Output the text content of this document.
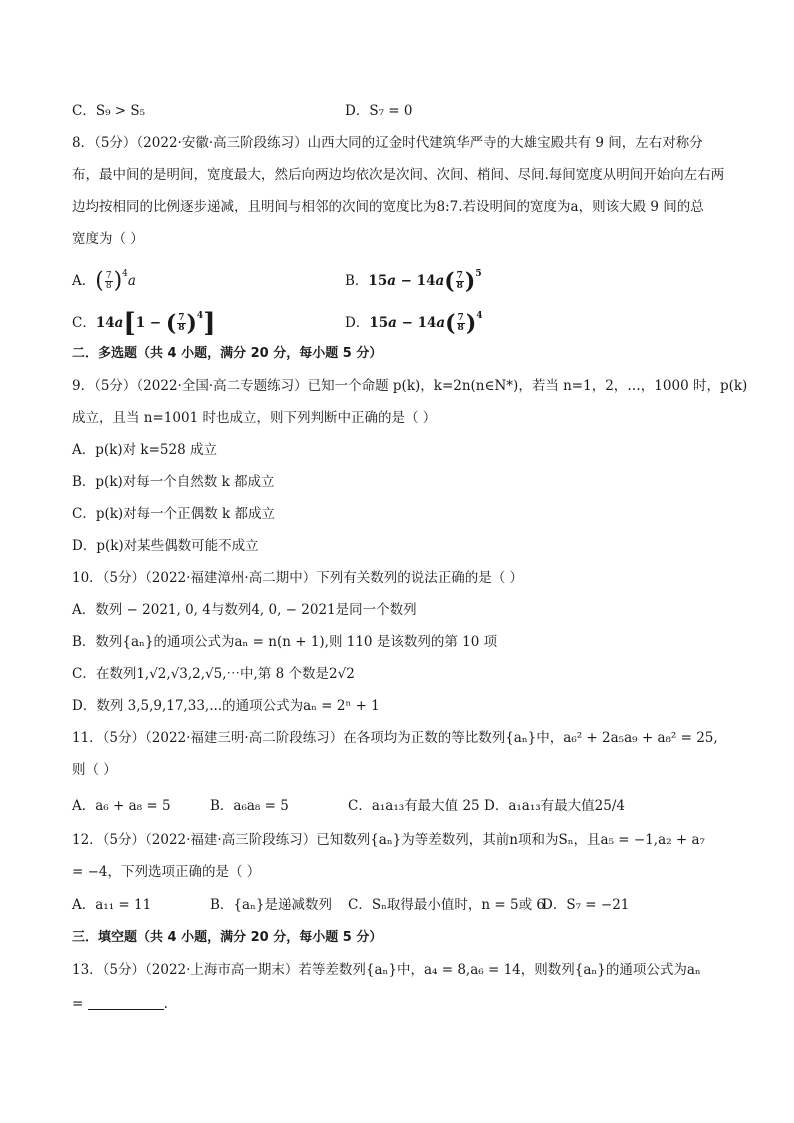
C．S₉ > S₅	D．S₇ = 0
8．（5分）（2022·安徽·高三阶段练习）山西大同的辽金时代建筑华严寺的大雄宝殿共有 9 间，左右对称分
布，最中间的是明间，宽度最大，然后向两边均依次是次间、次间、梢间、尽间.每间宽度从明间开始向左右两
边均按相同的比例逐步递减，且明间与相邻的次间的宽度比为8:7.若设明间的宽度为a，则该大殿 9 间的总
宽度为（ ）
A．( $\frac{7}{8} )^4a$	B．$15a - 14a( \frac{7}{8} )^5$
C．14a[1 − ( $\frac{7}{8} )^4$]	D．$15a - 14a( \frac{7}{8} )^4$
二．多选题（共 4 小题，满分 20 分，每小题 5 分）
9．（5分）（2022·全国·高二专题练习）已知一个命题 p(k)，k=2n(n∈N*)，若当 n=1，2，…，1000 时，p(k)
成立，且当 n=1001 时也成立，则下列判断中正确的是（ ）
A．p(k)对 k=528 成立
B．p(k)对每一个自然数 k 都成立
C．p(k)对每一个正偶数 k 都成立
D．p(k)对某些偶数可能不成立
10．（5分）（2022·福建漳州·高二期中）下列有关数列的说法正确的是（ ）
A．数列 − 2021, 0, 4与数列4, 0, − 2021是同一个数列
B．数列{aₙ}的通项公式为aₙ = n(n + 1),则 110 是该数列的第 10 项
C．在数列1,√2,√3,2,√5,⋯中,第 8 个数是2√2
D．数列 3,5,9,17,33,...的通项公式为aₙ = 2ⁿ + 1
11．（5分）（2022·福建三明·高二阶段练习）在各项均为正数的等比数列{aₙ}中，a₆² + 2a₅a₉ + a₈² = 25,
则（ ）
A．a₆ + a₈ = 5	B．a₆a₈ = 5	C．a₁a₁₃有最大值 25 D．a₁a₁₃有最大值25/4
12．（5分）（2022·福建·高三阶段练习）已知数列{aₙ}为等差数列，其前n项和为Sₙ，且a₅ = −1,a₂ + a₇
= −4，下列选项正确的是（ ）
A．a₁₁ = 11	B．{aₙ}是递减数列 C．Sₙ取得最小值时，n = 5或 6
D．S₇ = −21
三．填空题（共 4 小题，满分 20 分，每小题 5 分）
13．（5分）（2022·上海市高一期末）若等差数列{aₙ}中，a₄ = 8,a₆ = 14，则数列{aₙ}的通项公式为aₙ
=	.
